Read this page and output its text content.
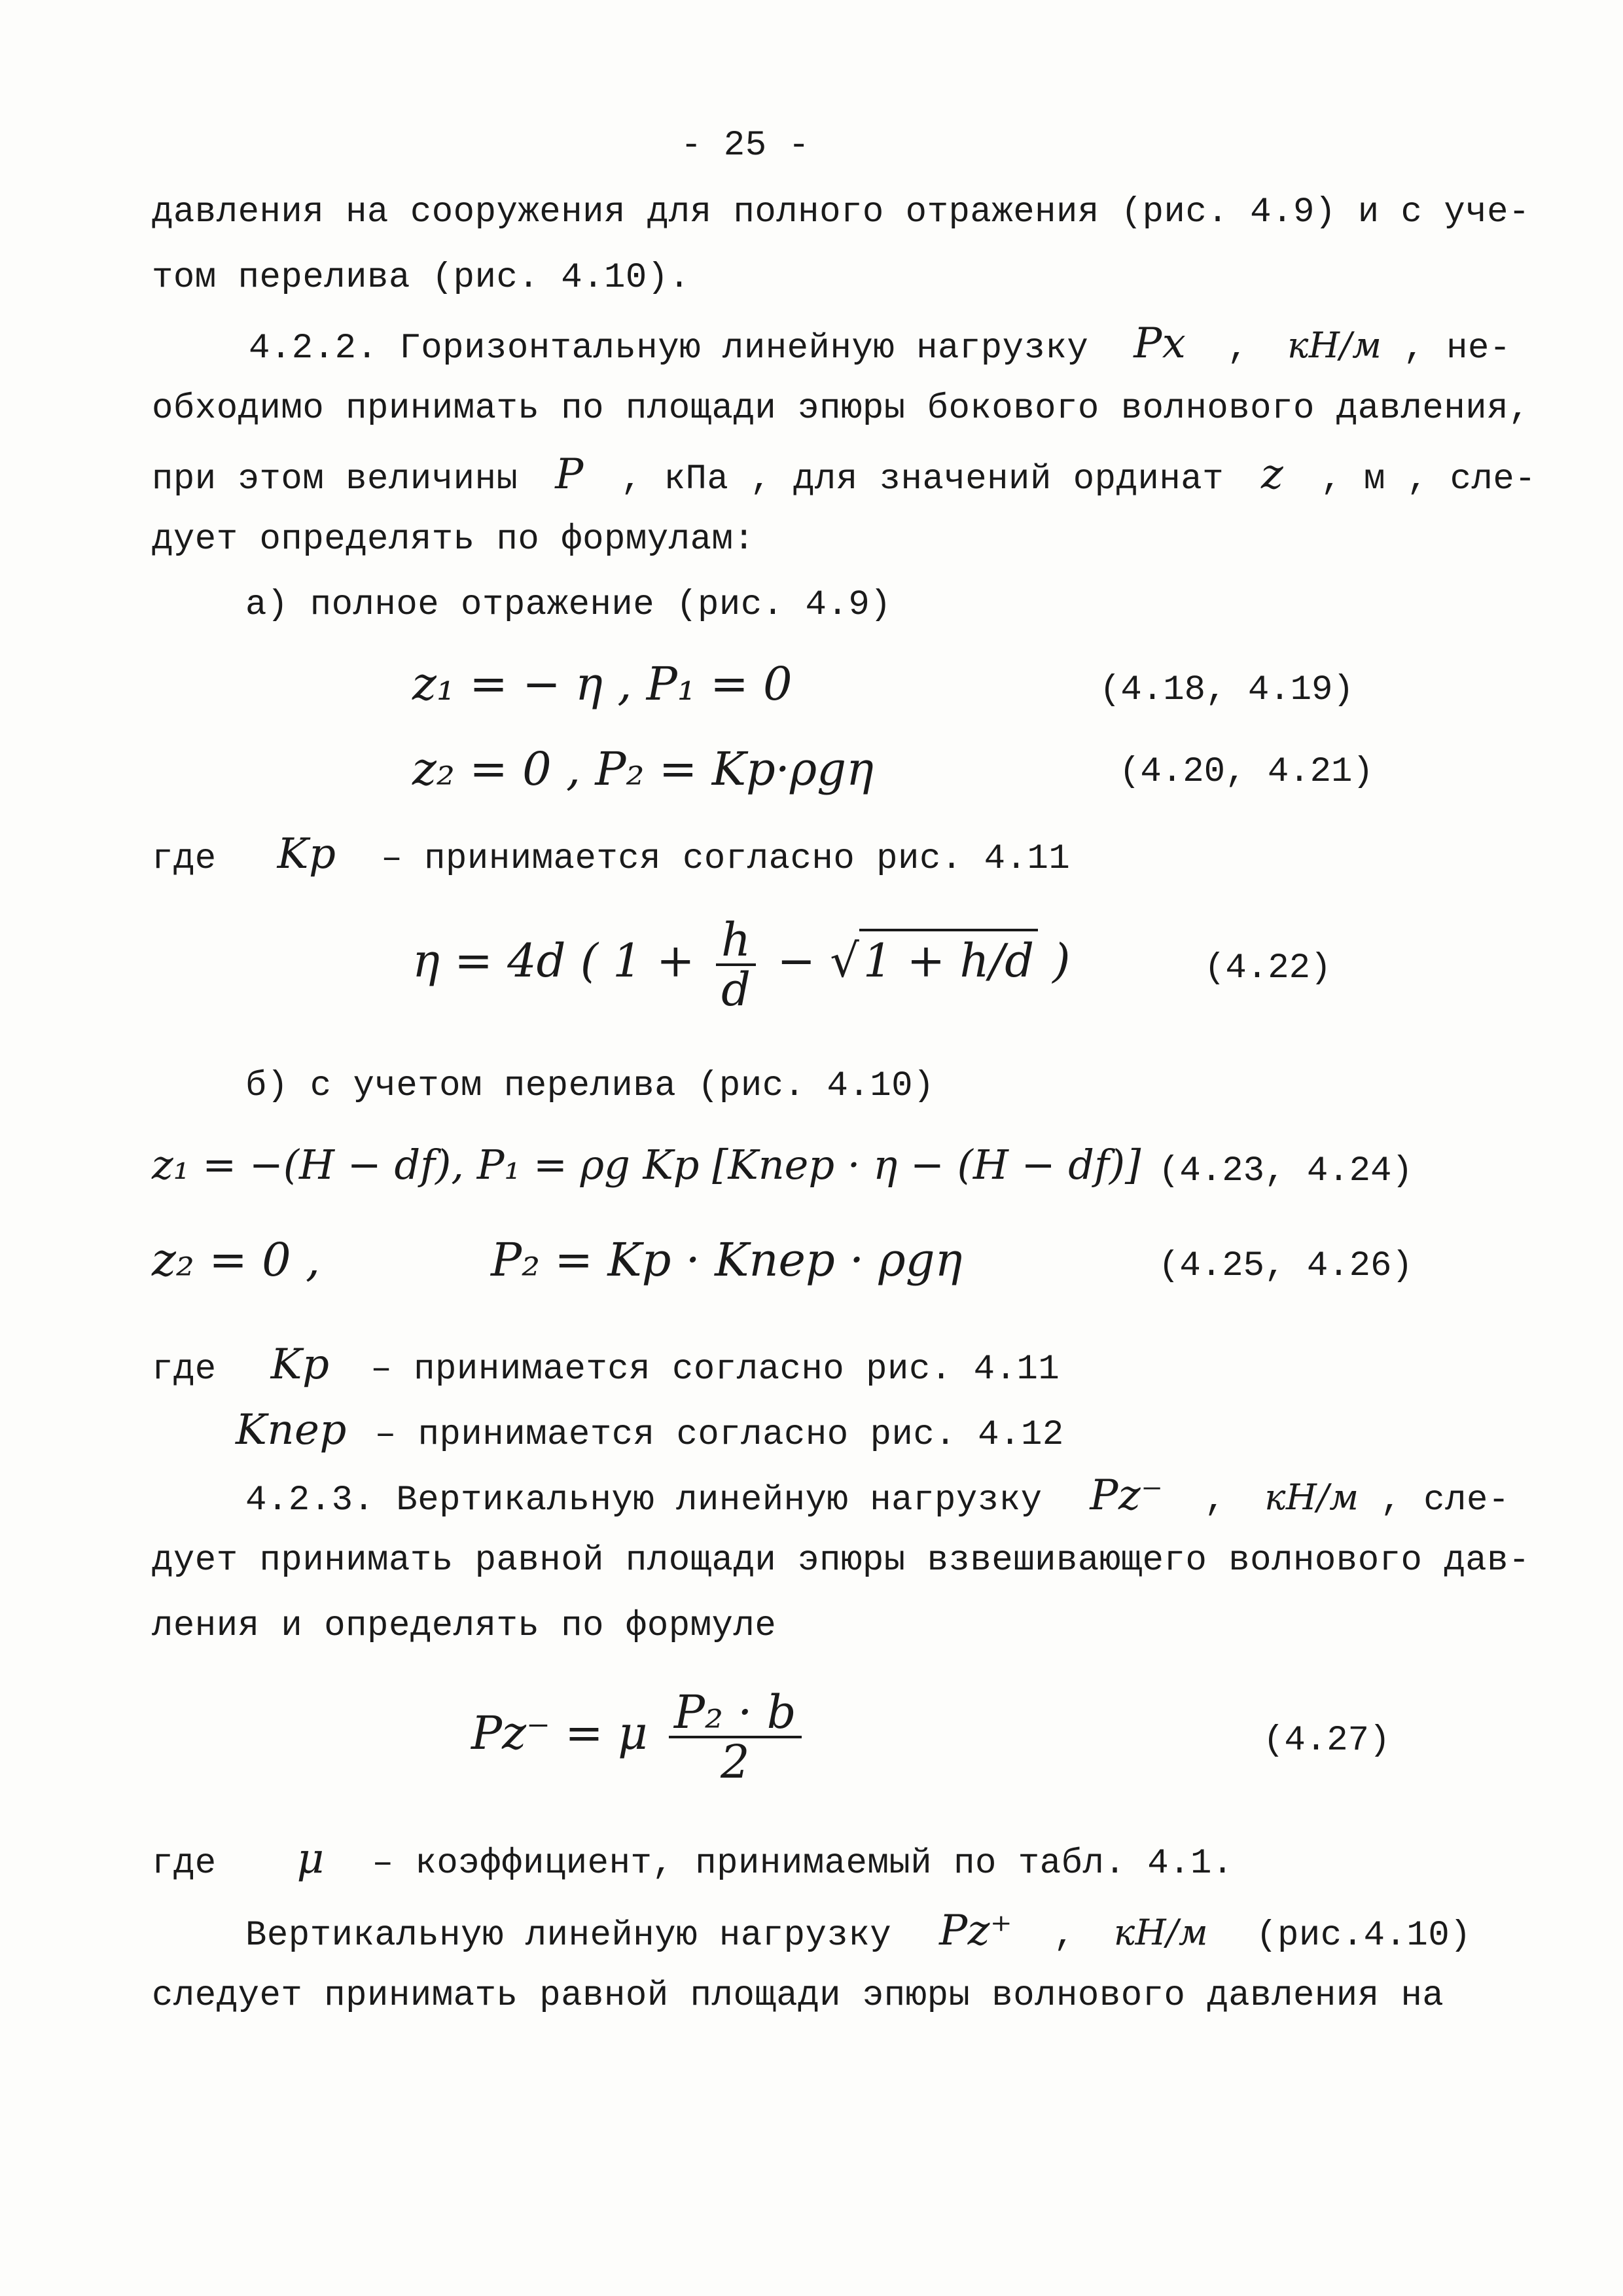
- 25 -
давления на сооружения для полного отражения (рис. 4.9) и с уче-
том перелива (рис. 4.10).
4.2.2. Горизонтальную линейную нагрузку Px , кН/м , не-
обходимо принимать по площади эпюры бокового волнового давления,
при этом величины P , кПа , для значений ординат z , м , сле-
дует определять по формулам:
а) полное отражение (рис. 4.9)
z₁ = − η , P₁ = 0	(4.18, 4.19)
z₂ = 0 , P₂ = Kp·ρgη	(4.20, 4.21)
где Kp – принимается согласно рис. 4.11
η = 4d ( $1 + \frac{h}{d} - √1 + h/d$ )	(4.22)
б) с учетом перелива (рис. 4.10)
z₁ = −(H − df), P₁ = ρg Kp [Kпер · η − (H − df)] (4.23, 4.24)
z₂ = 0 ,	P₂ = Kp · Kпер · ρgη	(4.25, 4.26)
где Kp – принимается согласно рис. 4.11
Kпер – принимается согласно рис. 4.12
4.2.3. Вертикальную линейную нагрузку Pz⁻ , кН/м , сле-
дует принимать равной площади эпюры взвешивающего волнового дав-
ления и определять по формуле
Pz⁻ = μ $\frac{\text{P₂ · b}}{2}$	(4.27)
где μ – коэффициент, принимаемый по табл. 4.1.
Вертикальную линейную нагрузку Pz⁺ , кН/м (рис.4.10)
следует принимать равной площади эпюры волнового давления на
